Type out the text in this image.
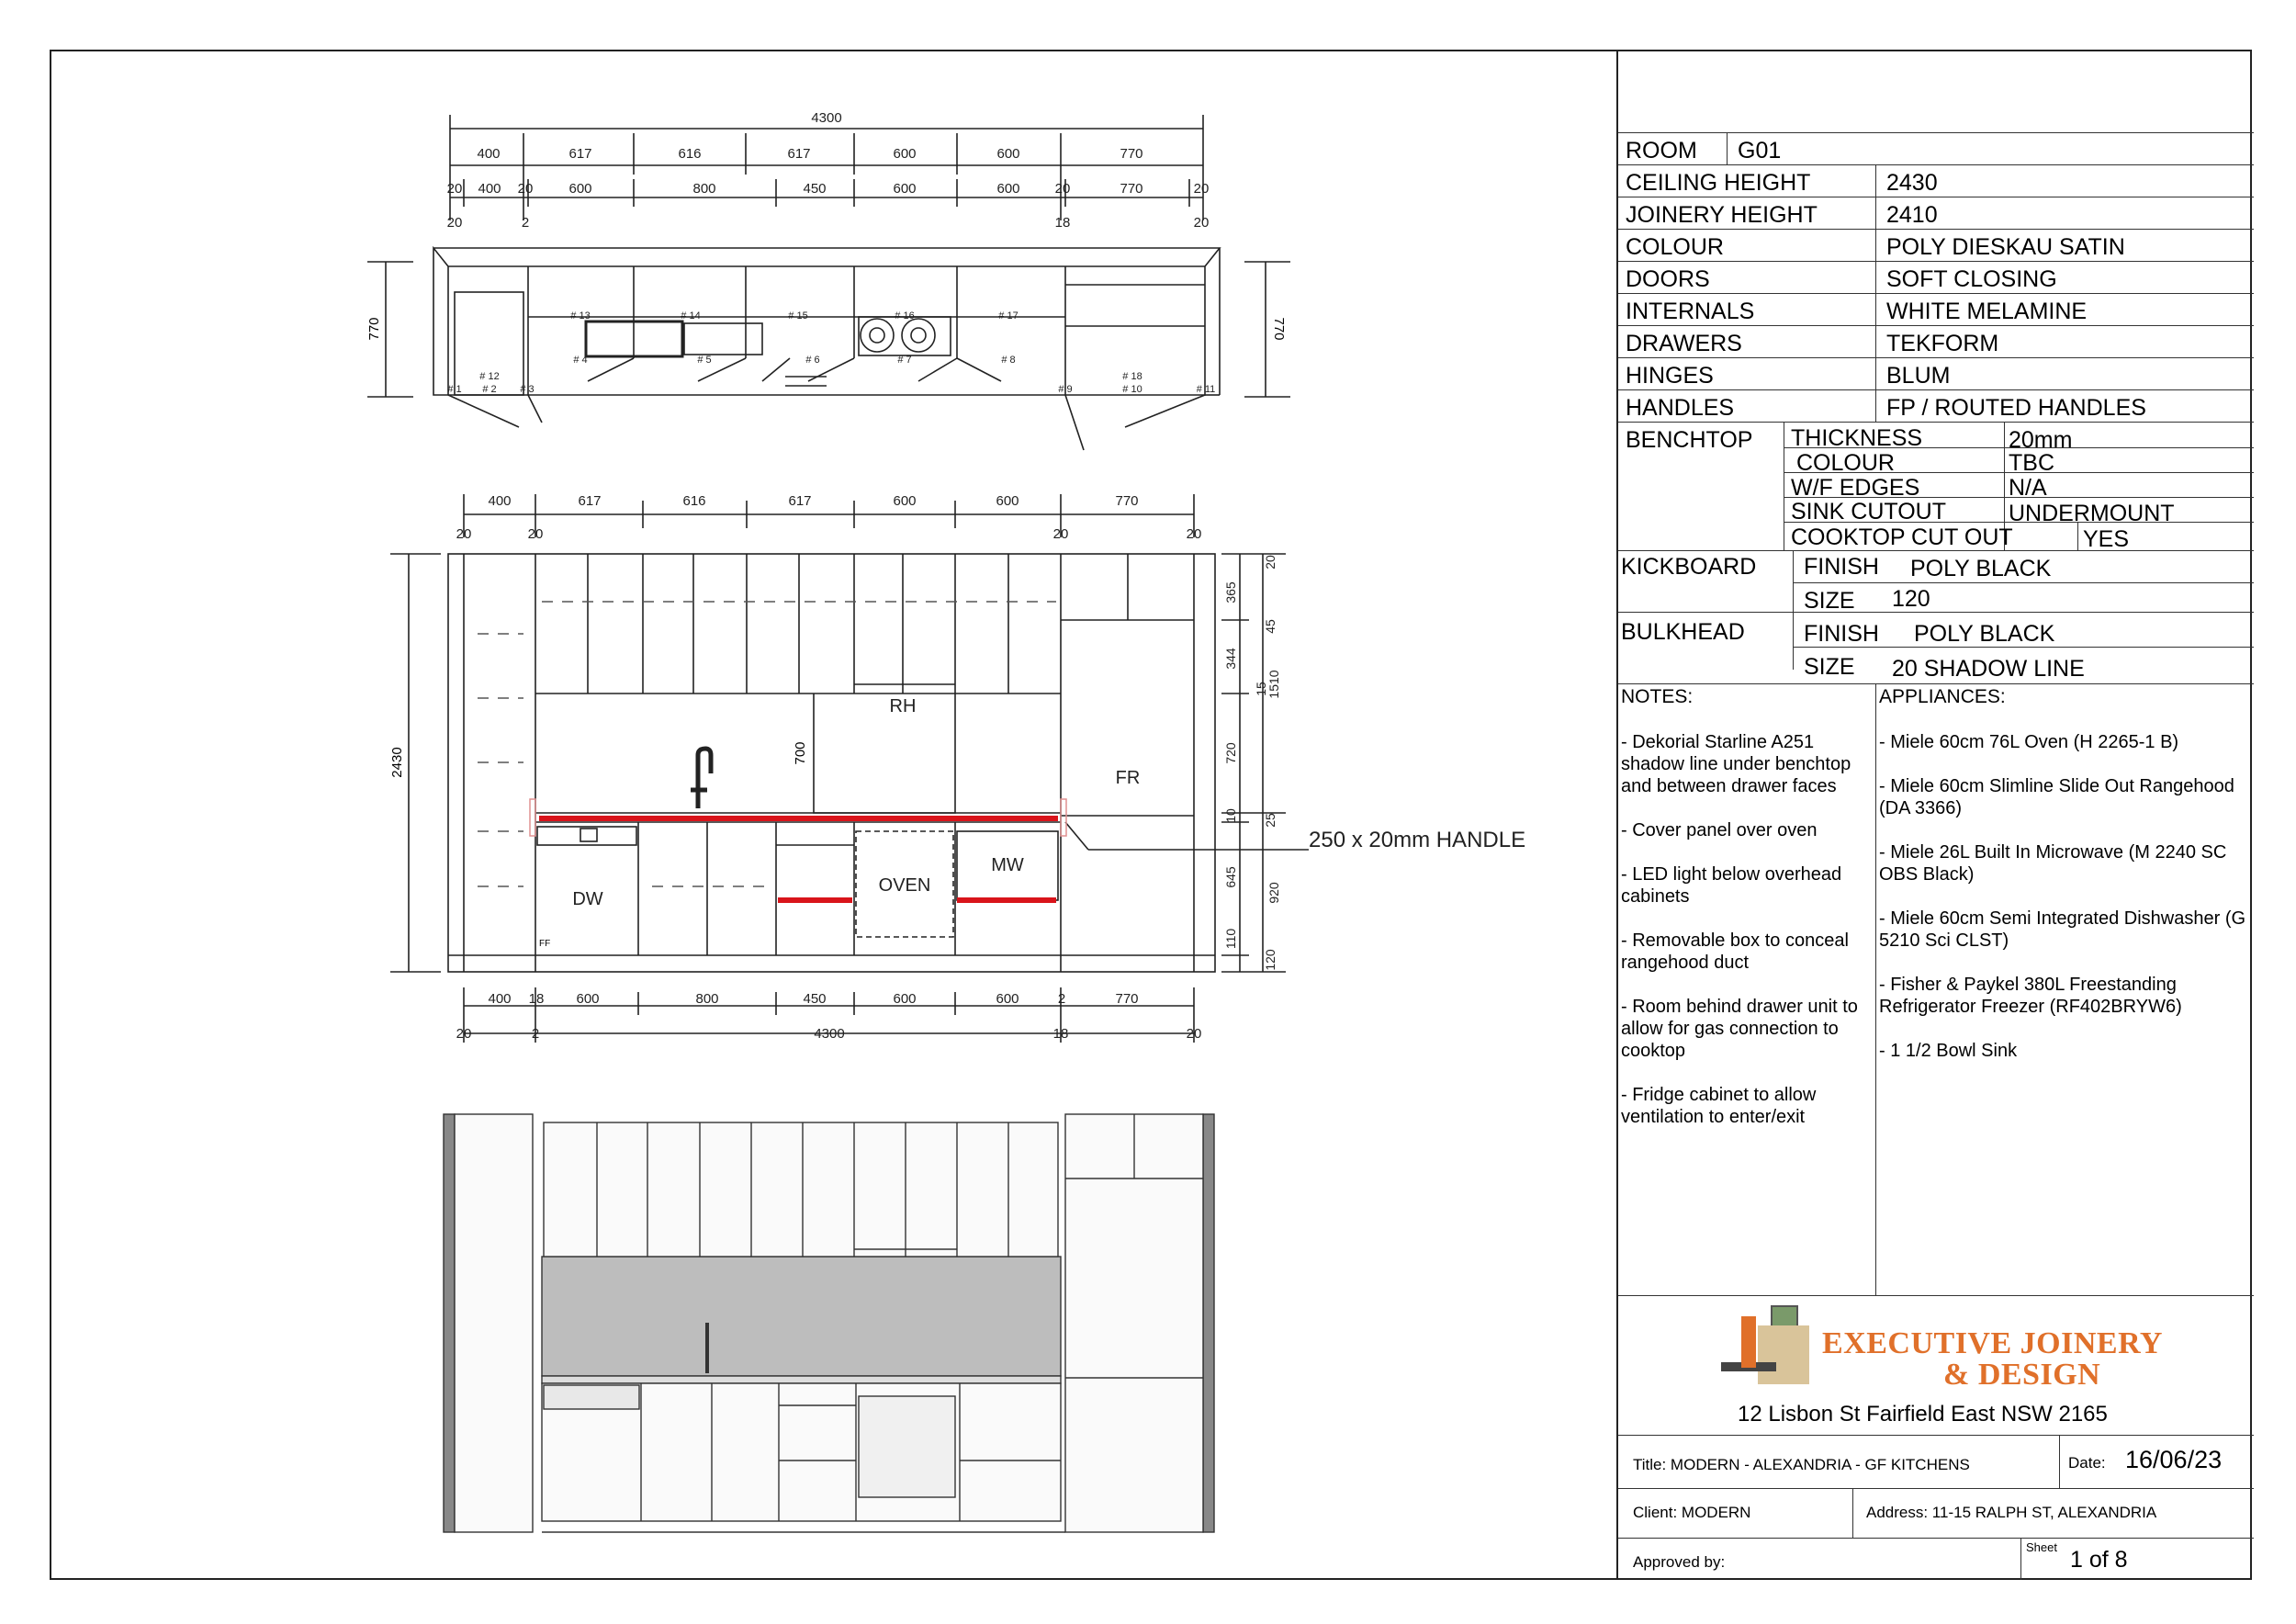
4300
400	617	616	617	600	600	770
20 400 20	600	800	450	600	600	20	770	20
20	2	18	20
770	770
# 13	# 14	# 15	# 16	# 17
# 4	# 5	# 6	# 7	# 8
# 12
# 2
# 1	# 3
# 18
# 10
# 9	# 11
400	617	616	617	600	600	770
20	20	20	20
400 18 600	800	450	600	600	2	770
20	2	18	20
4300
2430	700
RH
FR
DW
OVEN
MW
FF
20
365
45
344
15
1510
720
10 25
645
920
110
120
250 x 20mm HANDLE
ROOM G01
CEILING HEIGHT	2430
JOINERY HEIGHT	2410
COLOUR	POLY DIESKAU SATIN
DOORS	SOFT CLOSING
INTERNALS	WHITE MELAMINE
DRAWERS	TEKFORM
HINGES	BLUM
HANDLES	FP / ROUTED HANDLES
BENCHTOP THICKNESS	20mm
COLOUR	TBC
W/F EDGES	N/A
SINK CUTOUT	UNDERMOUNT
COOKTOP CUT OUT	YES
KICKBOARD FINISH POLY BLACK
SIZE 120
BULKHEAD	FINISH POLY BLACK
SIZE 20 SHADOW LINE
NOTES:
- Dekorial Starline A251 shadow line under benchtop and between drawer faces
- Cover panel over oven
- LED light below overhead cabinets
- Removable box to conceal rangehood duct
- Room behind drawer unit to allow for gas connection to cooktop
- Fridge cabinet to allow ventilation to enter/exit
APPLIANCES:
- Miele 60cm 76L Oven (H 2265-1 B)
- Miele 60cm Slimline Slide Out Rangehood (DA 3366)
- Miele 26L Built In Microwave (M 2240 SC OBS Black)
- Miele 60cm Semi Integrated Dishwasher (G 5210 Sci CLST)
- Fisher & Paykel 380L Freestanding Refrigerator Freezer (RF402BRYW6)
- 1 1/2 Bowl Sink
EXECUTIVE JOINERY
& DESIGN
12 Lisbon St Fairfield East NSW 2165
Title: MODERN - ALEXANDRIA - GF KITCHENS	Date: 16/06/23
Client: MODERN	Address: 11-15 RALPH ST, ALEXANDRIA
Approved by:
Sheet 1 of 8
